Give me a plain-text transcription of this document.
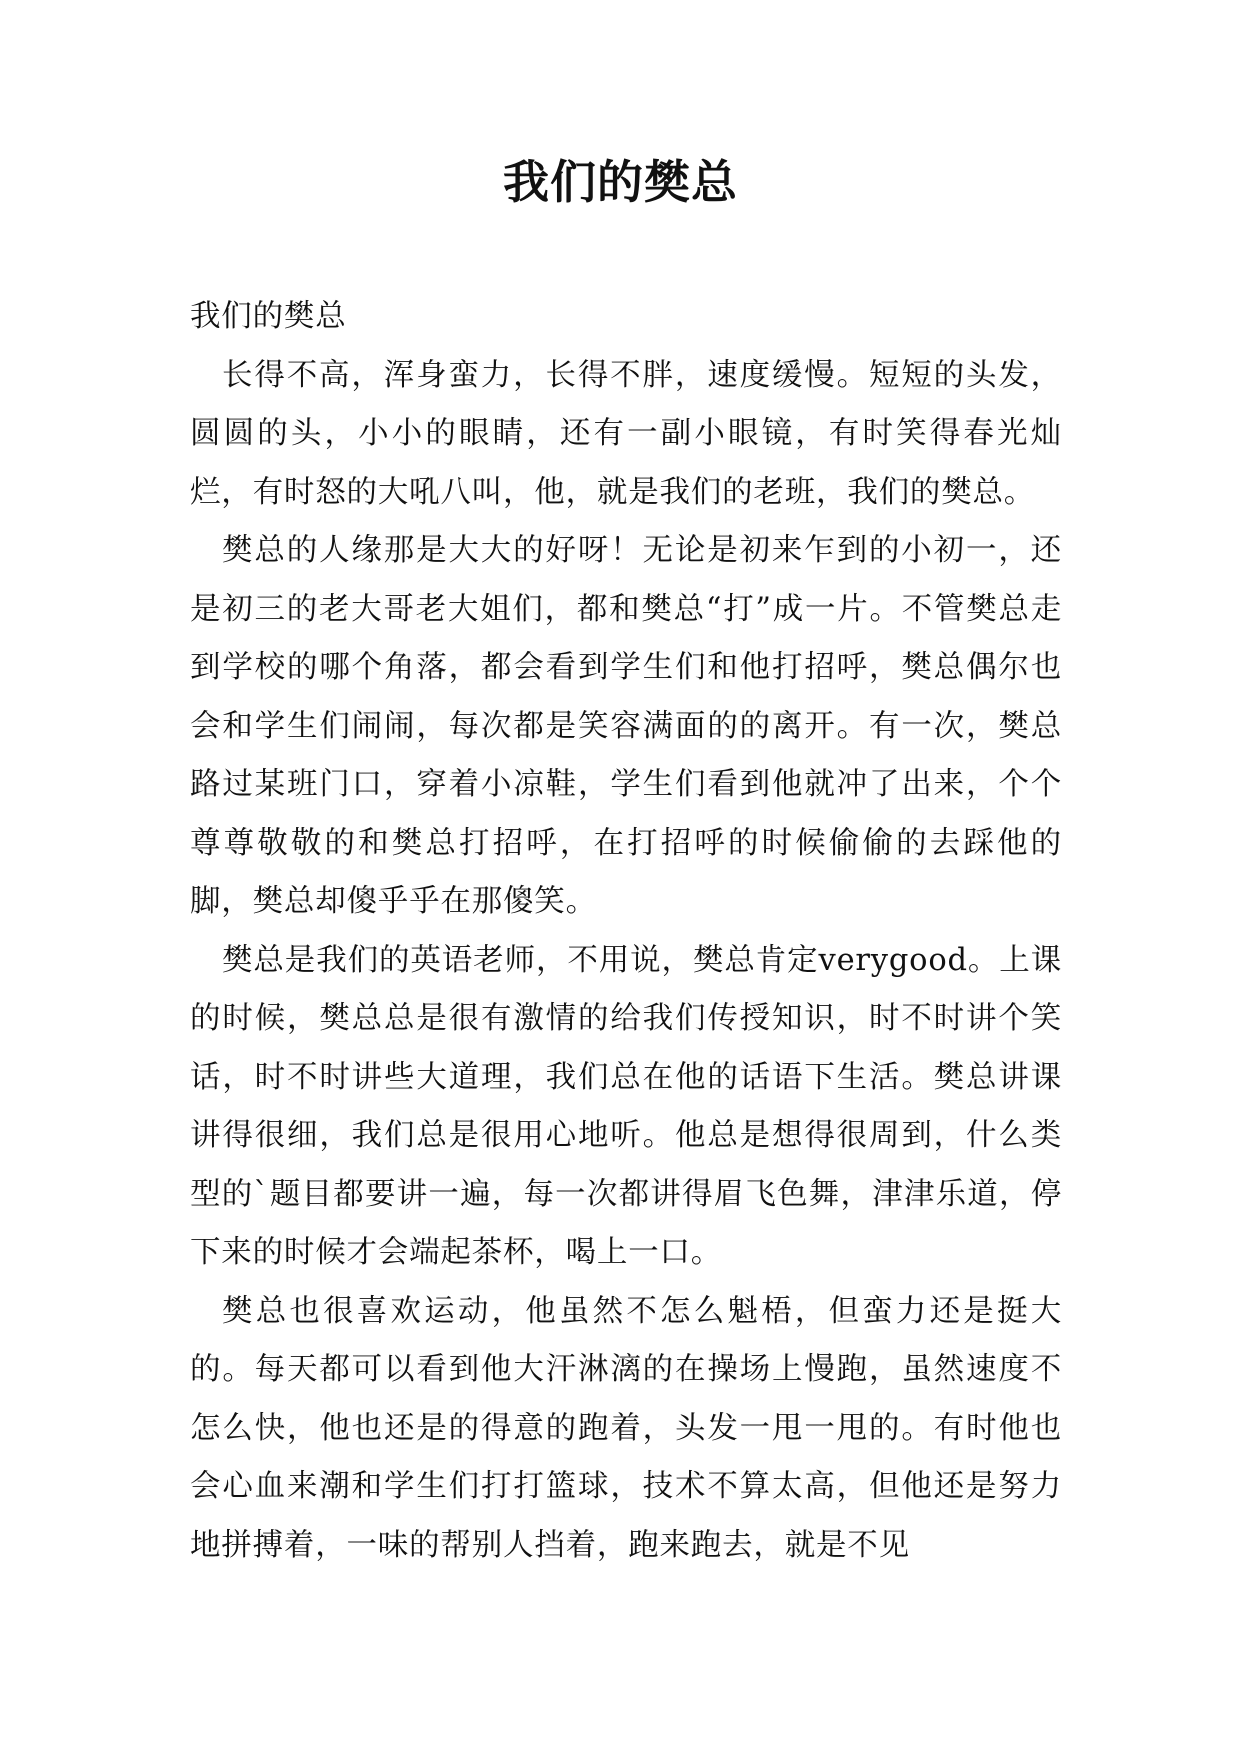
我们的樊总

我们的樊总

长得不高，浑身蛮力，长得不胖，速度缓慢。短短的头发，圆圆的头，小小的眼睛，还有一副小眼镜，有时笑得春光灿烂，有时怒的大吼八叫，他，就是我们的老班，我们的樊总。

樊总的人缘那是大大的好呀！无论是初来乍到的小初一，还是初三的老大哥老大姐们，都和樊总“打”成一片。不管樊总走到学校的哪个角落，都会看到学生们和他打招呼，樊总偶尔也会和学生们闹闹，每次都是笑容满面的的离开。有一次，樊总路过某班门口，穿着小凉鞋，学生们看到他就冲了出来，个个尊尊敬敬的和樊总打招呼，在打招呼的时候偷偷的去踩他的脚，樊总却傻乎乎在那傻笑。

樊总是我们的英语老师，不用说，樊总肯定verygood。上课的时候，樊总总是很有激情的给我们传授知识，时不时讲个笑话，时不时讲些大道理，我们总在他的话语下生活。樊总讲课讲得很细，我们总是很用心地听。他总是想得很周到，什么类型的`题目都要讲一遍，每一次都讲得眉飞色舞，津津乐道，停下来的时候才会端起茶杯，喝上一口。

樊总也很喜欢运动，他虽然不怎么魁梧，但蛮力还是挺大的。每天都可以看到他大汗淋漓的在操场上慢跑，虽然速度不怎么快，他也还是的得意的跑着，头发一甩一甩的。有时他也会心血来潮和学生们打打篮球，技术不算太高，但他还是努力地拼搏着，一味的帮别人挡着，跑来跑去，就是不见
